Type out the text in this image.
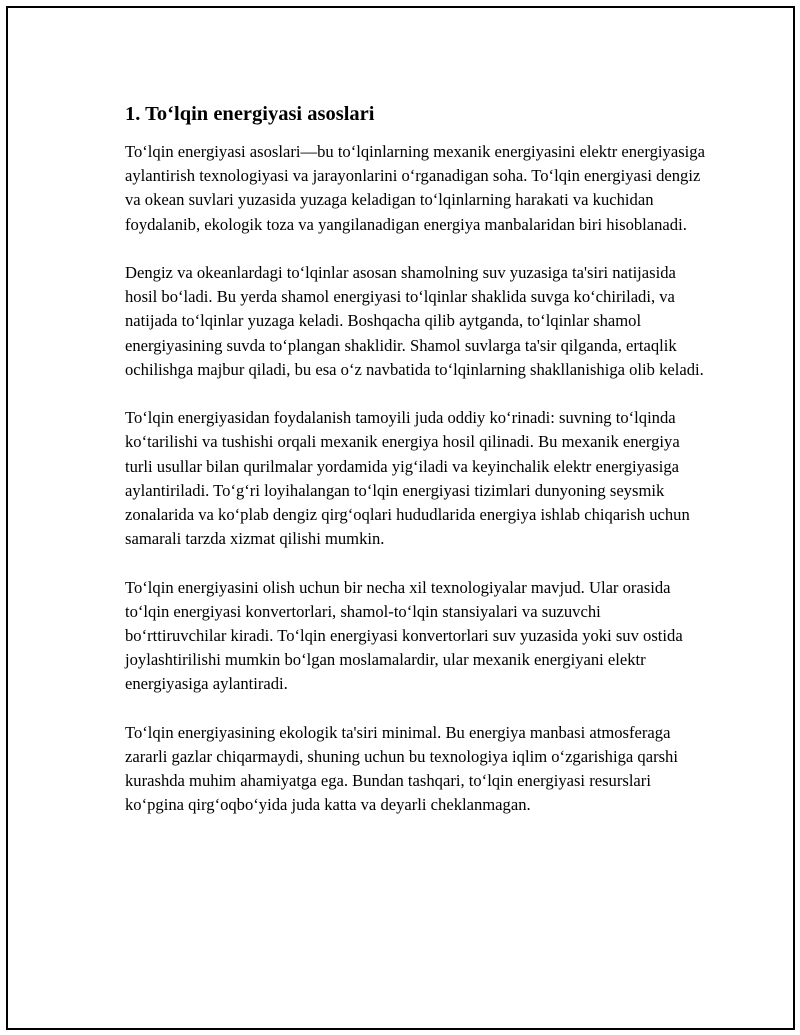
1. To‘lqin energiyasi asoslari

To‘lqin energiyasi asoslari—bu to‘lqinlarning mexanik energiyasini elektr energiyasiga aylantirish texnologiyasi va jarayonlarini o‘rganadigan soha. To‘lqin energiyasi dengiz va okean suvlari yuzasida yuzaga keladigan to‘lqinlarning harakati va kuchidan foydalanib, ekologik toza va yangilanadigan energiya manbalaridan biri hisoblanadi.

Dengiz va okeanlardagi to‘lqinlar asosan shamolning suv yuzasiga ta'siri natijasida hosil bo‘ladi. Bu yerda shamol energiyasi to‘lqinlar shaklida suvga ko‘chiriladi, va natijada to‘lqinlar yuzaga keladi. Boshqacha qilib aytganda, to‘lqinlar shamol energiyasining suvda to‘plangan shaklidir. Shamol suvlarga ta'sir qilganda, ertaqlik ochilishga majbur qiladi, bu esa o‘z navbatida to‘lqinlarning shakllanishiga olib keladi.

To‘lqin energiyasidan foydalanish tamoyili juda oddiy ko‘rinadi: suvning to‘lqinda ko‘tarilishi va tushishi orqali mexanik energiya hosil qilinadi. Bu mexanik energiya turli usullar bilan qurilmalar yordamida yig‘iladi va keyinchalik elektr energiyasiga aylantiriladi. To‘g‘ri loyihalangan to‘lqin energiyasi tizimlari dunyoning seysmik zonalarida va ko‘plab dengiz qirg‘oqlari hududlarida energiya ishlab chiqarish uchun samarali tarzda xizmat qilishi mumkin.

To‘lqin energiyasini olish uchun bir necha xil texnologiyalar mavjud. Ular orasida to‘lqin energiyasi konvertorlari, shamol-to‘lqin stansiyalari va suzuvchi bo‘rttiruvchilar kiradi. To‘lqin energiyasi konvertorlari suv yuzasida yoki suv ostida joylashtirilishi mumkin bo‘lgan moslamalardir, ular mexanik energiyani elektr energiyasiga aylantiradi.

To‘lqin energiyasining ekologik ta'siri minimal. Bu energiya manbasi atmosferaga zararli gazlar chiqarmaydi, shuning uchun bu texnologiya iqlim o‘zgarishiga qarshi kurashda muhim ahamiyatga ega. Bundan tashqari, to‘lqin energiyasi resurslari ko‘pgina qirg‘oqbo‘yida juda katta va deyarli cheklanmagan.
